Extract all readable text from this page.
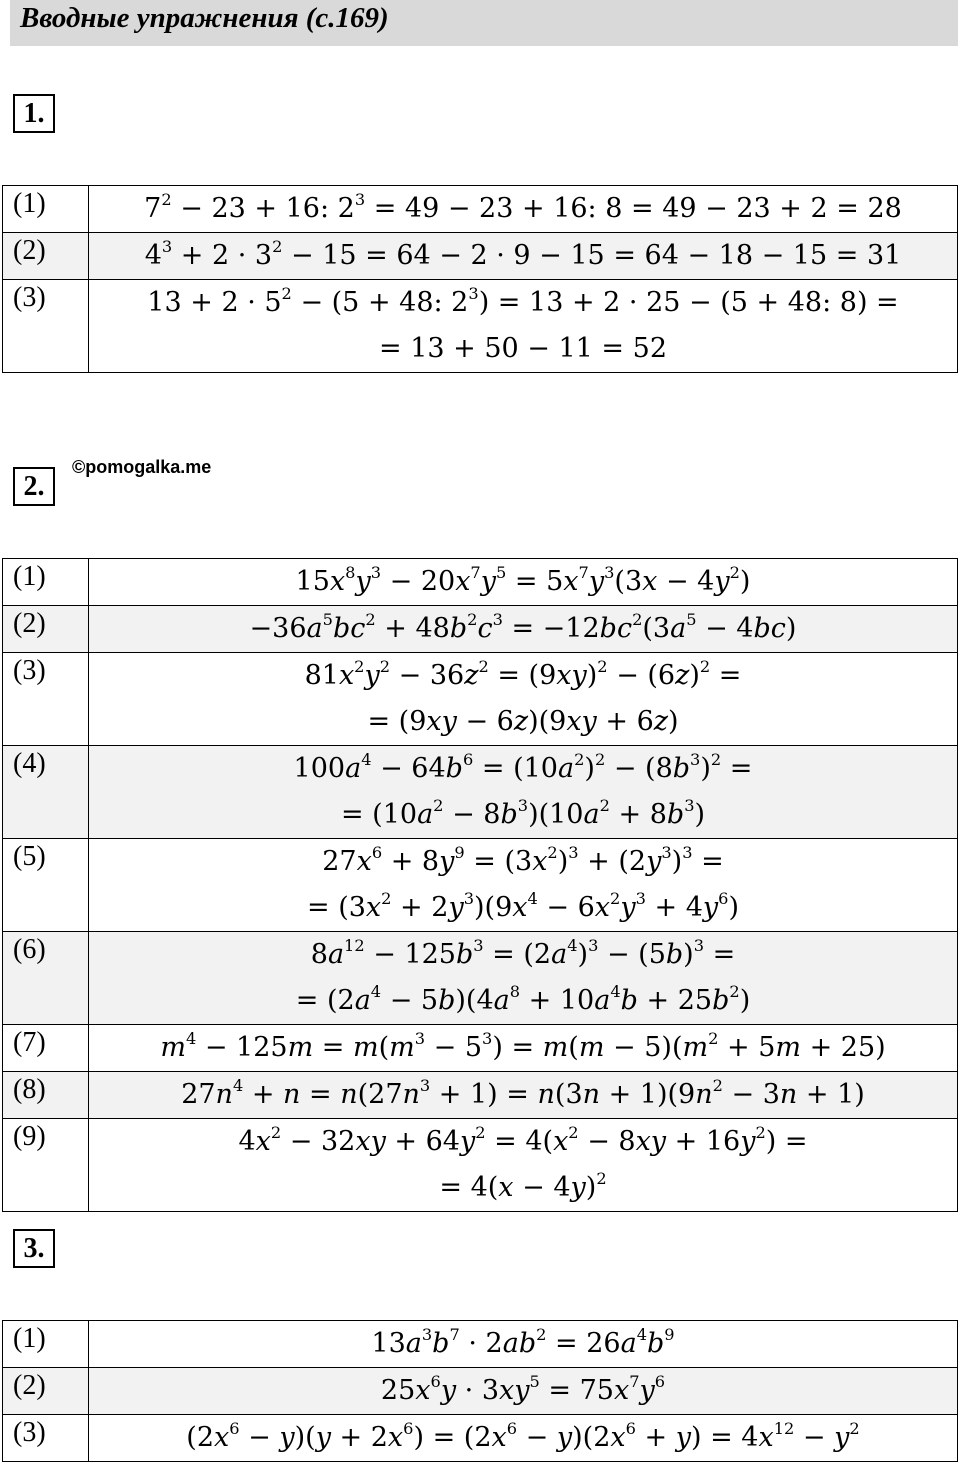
Вводные упражнения (с.169)
1.
(1)	$7^2 - 23 + 16$: $2^3 = 49 - 23 + 16$: 8 = 49 − 23 + 2 = 28

(2)	$4^3 + 2 \cdot 3^2 - 15 = 64 - 2 \cdot 9 - 15 = 64 - 18 - 15 = 31$

(3)	$13 + 2 \cdot 5^2 - (5 + 48$: $2^3) = 13 + 2 \cdot 25 - (5 + 48$: 8) =
= 13 + 50 − 11 = 52
2.
©pomogalka.me
(1)	$15x^8y^3 - 20x^7y^5 = 5x^7y^3(3x - 4y^2)$

(2)	$-36a^5bc^2 + 48b^2c^3 = -12bc^2(3a^5 - 4bc)$

(3)	$81x^2y^2 - 36z^2 = (9xy)^2 - (6z)^2$ =
= (9xy − 6z)(9xy + 6z)

(4)	$100a^4 - 64b^6 = (10a^2)^2 - (8b^3)^2$ =
= $(10a^2 - 8b^3)(10a^2 + 8b^3)$

(5)	$27x^6 + 8y^9 = (3x^2)^3 + (2y^3)^3$ =
= $(3x^2 + 2y^3)(9x^4 - 6x^2y^3 + 4y^6)$

(6)	$8a^{12} - 125b^3 = (2a^4)^3 - (5b)^3$ =
= $(2a^4 - 5b)(4a^8 + 10a^4b + 25b^2)$

(7)	$m^4 - 125m = m(m^3 - 5^3) = m(m - 5)(m^2 + 5m + 25)$

(8)	$27n^4 + n = n(27n^3 + 1) = n(3n + 1)(9n^2 - 3n + 1)$

(9)	$4x^2 - 32xy + 64y^2 = 4(x^2 - 8xy + 16y^2)$ =
= $4(x - 4y)^2$
3.
(1)	$13a^3b^7 \cdot 2ab^2 = 26a^4b^9$

(2)	$25x^6y \cdot 3xy^5 = 75x^7y^6$

(3)	$(2x^6 - y)(y + 2x^6) = (2x^6 - y)(2x^6 + y) = 4x^{12} - y^2$
